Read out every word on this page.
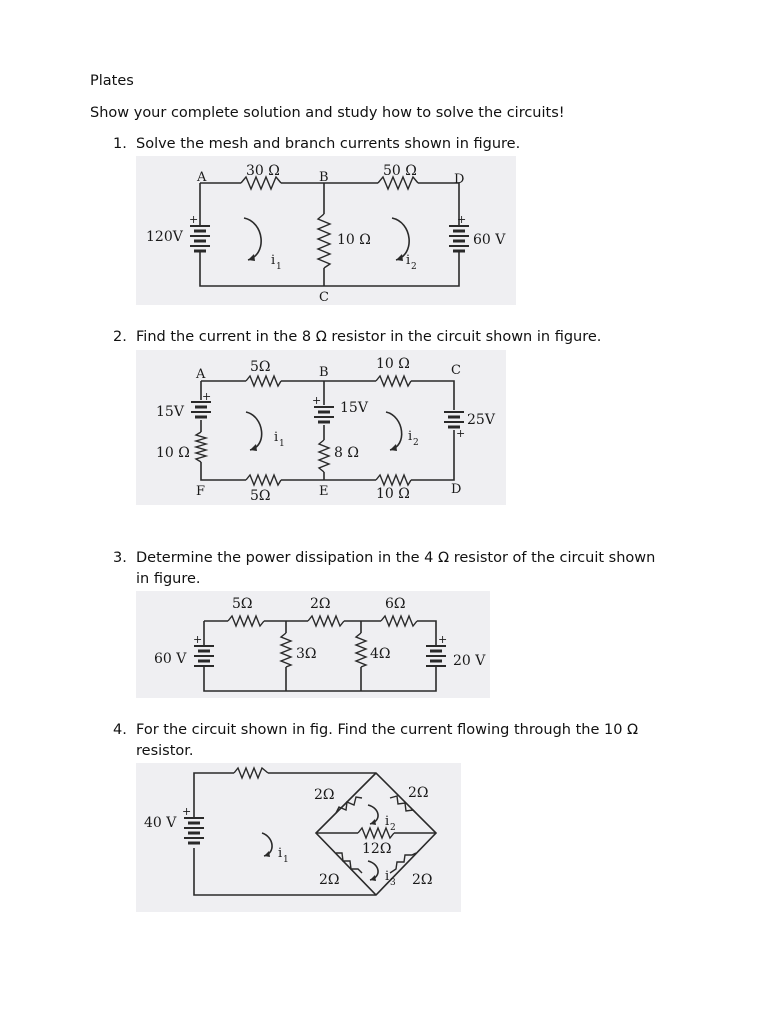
Plates
Show your complete solution and study how to solve the circuits!
1. Solve the mesh and branch currents shown in figure.
30 Ω	50 Ω
10 Ω
120V	60 V
A	B
C
D
+	+
i 1	i 2
2. Find the current in the 8 Ω resistor in the circuit shown in figure.
5Ω	10 Ω
8 Ω
10 Ω
5Ω	10 Ω
15V	15V
25V
A	B	C
D
E
F
+	+
+
i 1	i 2
3. Determine the power dissipation in the 4 Ω resistor of the circuit shown
in figure.
5Ω	2Ω	6Ω
3Ω	4Ω
60 V	20 V
+	+
4. For the circuit shown in fig. Find the current flowing through the 10 Ω
resistor.
2Ω	2Ω
12Ω
2Ω	2Ω
40 V
+
i 1
i 2
i 3
